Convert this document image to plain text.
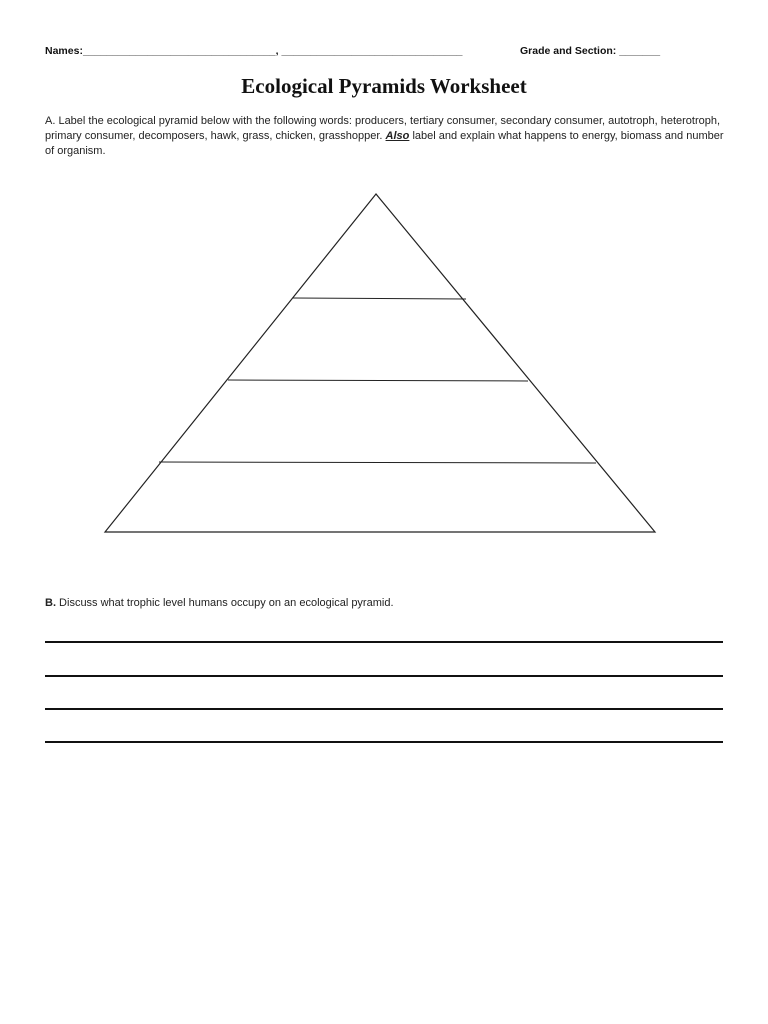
Names:_________________________________, _______________________________	Grade and Section: _______
Ecological Pyramids Worksheet
A. Label the ecological pyramid below with the following words: producers, tertiary consumer, secondary consumer, autotroph, heterotroph, primary consumer, decomposers, hawk, grass, chicken, grasshopper. Also label and explain what happens to energy, biomass and number of organism.
B. Discuss what trophic level humans occupy on an ecological pyramid.
